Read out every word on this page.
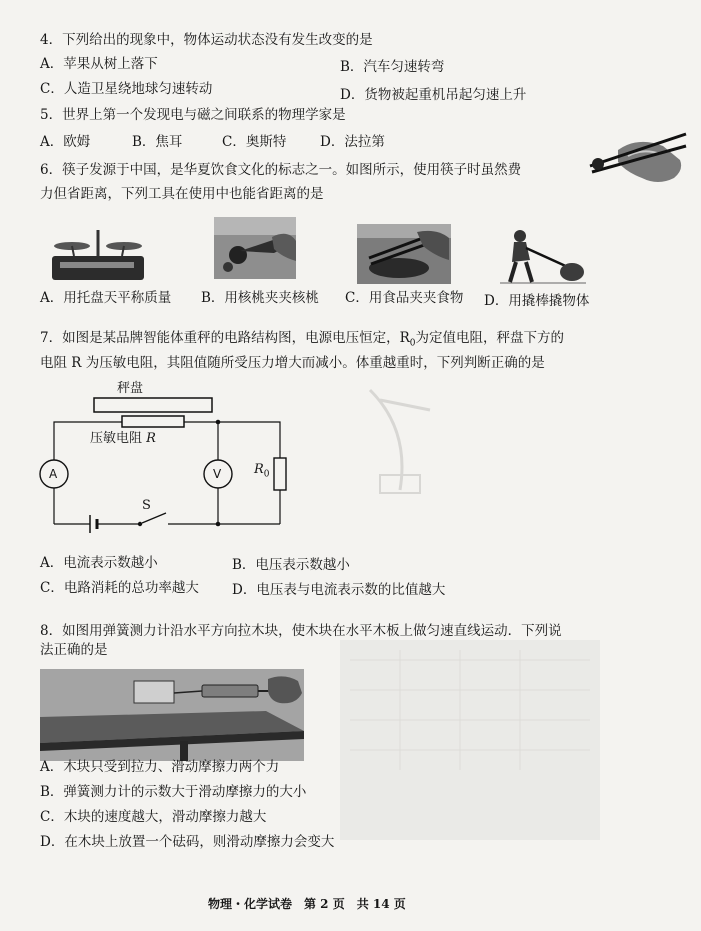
4．下列给出的现象中，物体运动状态没有发生改变的是
A．苹果从树上落下	B．汽车匀速转弯
C．人造卫星绕地球匀速转动	D．货物被起重机吊起匀速上升
5．世界上第一个发现电与磁之间联系的物理学家是
A．欧姆	B．焦耳	C．奥斯特 D．法拉第
6．筷子发源于中国，是华夏饮食文化的标志之一。如图所示，使用筷子时虽然费
力但省距离，下列工具在使用中也能省距离的是
A．用托盘天平称质量 B．用核桃夹夹核桃 C．用食品夹夹食物 D．用撬棒撬物体
7．如图是某品牌智能体重秤的电路结构图，电源电压恒定，$R_0$为定值电阻，秤盘下方的
电阻 R 为压敏电阻，其阻值随所受压力增大而减小。体重越重时，下列判断正确的是
秤盘
压敏电阻 R
A	V	$R_0$
S
A．电流表示数越小	B．电压表示数越小
C．电路消耗的总功率越大 D．电压表与电流表示数的比值越大
8．如图用弹簧测力计沿水平方向拉木块，使木块在水平木板上做匀速直线运动．下列说
法正确的是
A．木块只受到拉力、滑动摩擦力两个力
B．弹簧测力计的示数大于滑动摩擦力的大小
C．木块的速度越大，滑动摩擦力越大
D．在木块上放置一个砝码，则滑动摩擦力会变大
物理・化学试卷　第 2 页　共 14 页
